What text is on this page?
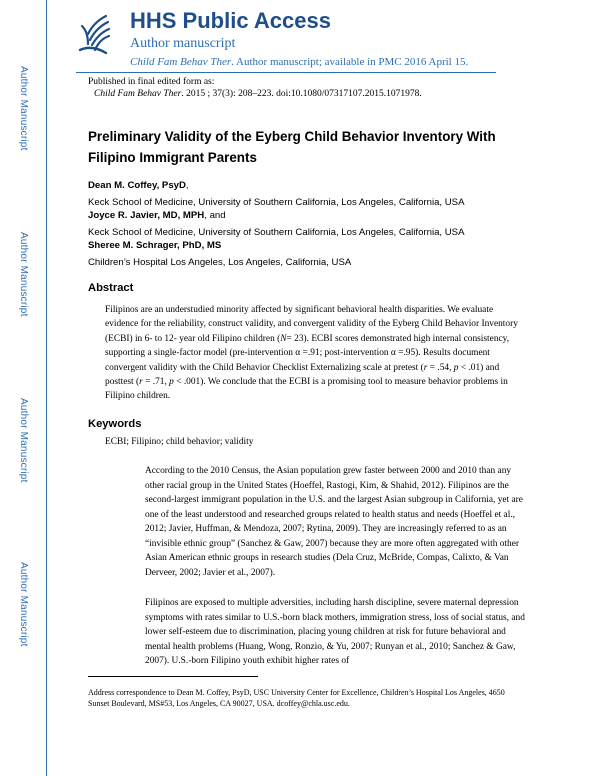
Author Manuscript
Author Manuscript
Author Manuscript
Author Manuscript
HHS Public Access
Author manuscript
Child Fam Behav Ther. Author manuscript; available in PMC 2016 April 15.
Published in final edited form as:
Child Fam Behav Ther. 2015 ; 37(3): 208–223. doi:10.1080/07317107.2015.1071978.
Preliminary Validity of the Eyberg Child Behavior Inventory With Filipino Immigrant Parents
Dean M. Coffey, PsyD,
Keck School of Medicine, University of Southern California, Los Angeles, California, USA
Joyce R. Javier, MD, MPH, and
Keck School of Medicine, University of Southern California, Los Angeles, California, USA
Sheree M. Schrager, PhD, MS
Children’s Hospital Los Angeles, Los Angeles, California, USA
Abstract
Filipinos are an understudied minority affected by significant behavioral health disparities. We evaluate evidence for the reliability, construct validity, and convergent validity of the Eyberg Child Behavior Inventory (ECBI) in 6- to 12- year old Filipino children (N= 23). ECBI scores demonstrated high internal consistency, supporting a single-factor model (pre-intervention α =.91; post-intervention α =.95). Results document convergent validity with the Child Behavior Checklist Externalizing scale at pretest (r = .54, p < .01) and posttest (r = .71, p < .001). We conclude that the ECBI is a promising tool to measure behavior problems in Filipino children.
Keywords
ECBI; Filipino; child behavior; validity
According to the 2010 Census, the Asian population grew faster between 2000 and 2010 than any other racial group in the United States (Hoeffel, Rastogi, Kim, & Shahid, 2012). Filipinos are the second-largest immigrant population in the U.S. and the largest Asian subgroup in California, yet are one of the least understood and researched groups related to health status and needs (Hoeffel et al., 2012; Javier, Huffman, & Mendoza, 2007; Rytina, 2009). They are increasingly referred to as an “invisible ethnic group” (Sanchez & Gaw, 2007) because they are more often aggregated with other Asian American ethnic groups in research studies (Dela Cruz, McBride, Compas, Calixto, & Van Derveer, 2002; Javier et al., 2007).
Filipinos are exposed to multiple adversities, including harsh discipline, severe maternal depression symptoms with rates similar to U.S.-born black mothers, immigration stress, loss of social status, and lower self-esteem due to discrimination, placing young children at risk for future behavioral and mental health problems (Huang, Wong, Ronzio, & Yu, 2007; Runyan et al., 2010; Sanchez & Gaw, 2007). U.S.-born Filipino youth exhibit higher rates of
Address correspondence to Dean M. Coffey, PsyD, USC University Center for Excellence, Children’s Hospital Los Angeles, 4650 Sunset Boulevard, MS#53, Los Angeles, CA 90027, USA. dcoffey@chla.usc.edu.
